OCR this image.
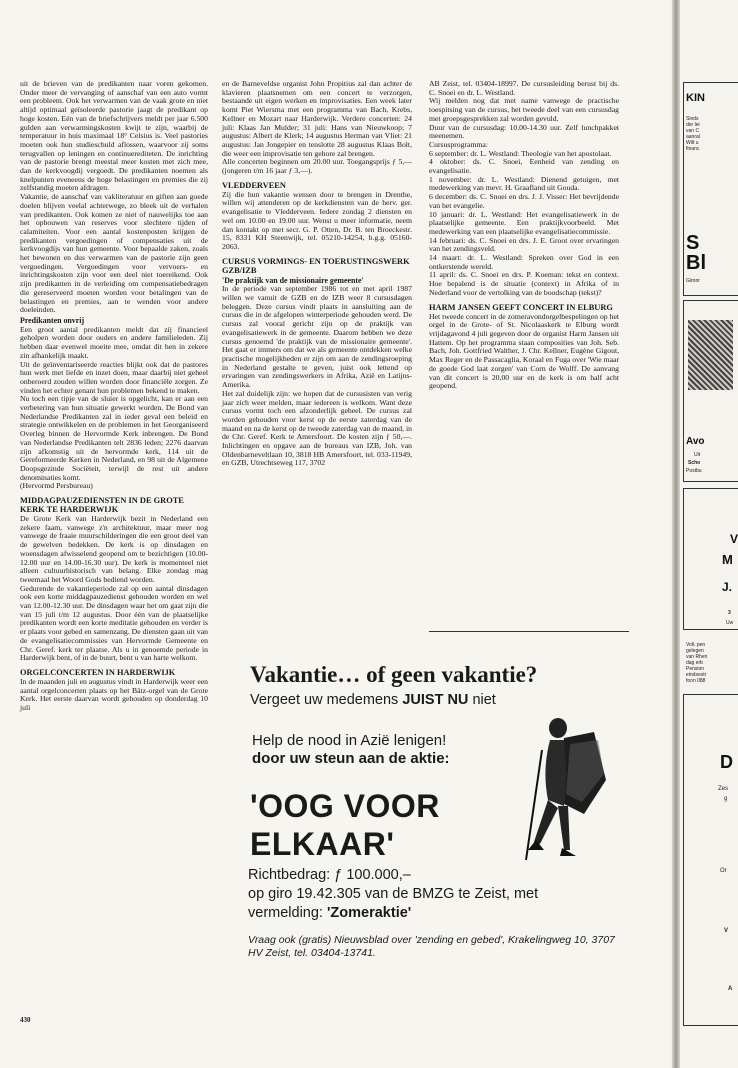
uit de brieven van de predikanten naar voren gekomen. Onder meer de vervanging of aanschaf van een auto vormt een probleem. Ook het verwarmen van de vaak grote en niet altijd optimaal geïsoleerde pastorie jaagt de predikant op hoge kosten. Eén van de briefschrijvers meldt per jaar 6.500 gulden aan verwarmingskosten kwijt te zijn, waarbij de temperatuur in huis maximaal 18° Celsius is. Veel pastories moeten ook hun studieschuld aflossen, waarvoor zij soms terugvallen op leningen en continuerediteten. De inrichting van de pastorie brengt meestal meer kosten met zich mee, dan de kerkvoogdij vergoedt. De predikanten noemen als knelpunten eveneens de hoge belastingen en premies die zij zelfstandig moeten afdragen.

Vakantie, de aanschaf van vakliteratuur en giften aan goede doelen blijven veelal achterwege, zo bleek uit de verhalen van predikanten. Ook komen ze niet of nauwelijks toe aan het opbouwen van reserves voor slechtere tijden of calamiteiten. Voor een aantal kostenposten krijgen de predikanten vergoedingen of compensaties uit de kerkvoogdijs van hun gemeente. Voor bepaalde zaken, zoals het bewonen en dus verwarmen van de pastorie zijn geen vergoedingen. Vergoedingen voor vervoers- en inrichtingskosten zijn voor een deel niet toereikend. Ook zijn predikanten in de verleiding om compensatiebedragen die gereserveerd moeten worden voor betalingen van de belastingen en premies, aan te wenden voor andere doeleinden.

Predikanten onvrij

Een groot aantal predikanten meldt dat zij financieel geholpen worden door ouders en andere familieleden. Zij hebben daar evenwel moeite mee, omdat dit hen in zekere zin afhankelijk maakt.

Uit de geïnventariseerde reacties blijkt ook dat de pastores hun werk met liefde en inzet doen, maar daarbij niet geheel onberoerd zouden willen worden door financiële zorgen. Ze vinden het echter genant hun problemen bekend te maken.

Nu toch een tipje van de sluier is opgelicht, kan er aan een verbetering van hun situatie gewerkt worden. De Bond van Nederlandse Predikanten zal in ieder geval een beleid en strategie ontwikkelen en de problemen in het Georganiseerd Overleg binnen de Hervormde Kerk inbrengen. De Bond van Nederlandse Predikanten telt 2836 leden; 2276 daarvan zijn afkomstig uit de hervormde kerk, 114 uit de Gereformeerde Kerken in Nederland, en 98 uit de Algemene Doopsgezinde Sociëteit, terwijl de rest uit andere denominaties komt.

(Hervormd Persbureau)

MIDDAGPAUZEDIENSTEN IN DE GROTE KERK TE HARDERWIJK

De Grote Kerk van Harderwijk bezit in Nederland een zekere faam, vanwege z'n architektuur, maar meer nog vanwege de fraaie muurschilderingen die een groot deel van de gewelven bedekken. De kerk is op dinsdagen en woensdagen afwisselend geopend om te bezichtigen (10.00-12.00 uur en 14.00-16.30 uur). De kerk is momenteel niet alleen cultuurhistorisch van belang. Elke zondag mag tweemaal het Woord Gods bediend worden.

Gedurende de vakantieperiode zal op een aantal dinsdagen ook een korte middagpauzedienst gehouden worden en wel van 12.00-12.30 uur. De dinsdagen waar het om gaat zijn die van 15 juli t/m 12 augustus. Door één van de plaatselijke predikanten wordt een korte meditatie gehouden en verder is er plaats voor gebed en samenzang. De diensten gaan uit van de evangelisatiecommissies van Hervormde Gemeente en Chr. Geref. kerk ter plaatse. Als u in genoemde periode in Harderwijk bent, of in de buurt, bent u van harte welkom.

ORGELCONCERTEN IN HARDERWIJK

In de maanden juli en augustus vindt in Harderwijk weer een aantal orgelconcerten plaats op het Bätz-orgel van de Grote Kerk. Het eerste daarvan wordt gehouden op donderdag 10 juli

en de Barneveldse organist John Propitius zal dan achter de klavieren plaatsnemen om een concert te verzorgen, bestaande uit eigen werken en improvisaties. Een week later komt Piet Wiersma met een programma van Bach, Krebs, Kellner en Mozart naar Harderwijk. Verdere concerten: 24 juli: Klaas Jan Mulder; 31 juli: Hans van Nieuwkoop; 7 augustus: Albert de Klerk; 14 augustus Herman van Vliet: 21 augustus: Jan Jongepier en tenslotte 28 augustus Klaas Bolt, die weer een improvisatie ten gehore zal brengen.

Alle concerten beginnen om 20.00 uur. Toegangsprijs ƒ 5,— (jongeren t/m 16 jaar ƒ 3,—).

VLEDDERVEEN

Zij die hun vakantie wensen door te brengen in Drenthe, willen wij attenderen op de kerkdiensten van de herv. ger. evangelisatie te Vledderveen. Iedere zondag 2 diensten en wel om 10.00 en 19.00 uur. Wenst u meer informatie, neem dan kontakt op met secr. G. P. Otten, Dr. B. ten Broeckestr. 15, 8331 KH Steenwijk, tel. 05210-14254, b.g.g. 05160-2063.

CURSUS VORMINGS- EN TOERUSTINGSWERK GZB/IZB
'De praktijk van de missionaire gemeente'

In de periode van september 1986 tot en met april 1987 willen we vanuit de GZB en de IZB weer 8 cursusdagen beleggen. Deze cursus vindt plaats in aansluiting aan de cursus die in de afgelopen winterperiode gehouden werd. De cursus zal vooral gericht zijn op de praktijk van evangelisatiewerk in de gemeente. Daarom hebben we deze cursus genoemd 'de praktijk van de missionaire gemeente'. Het gaat er immers om dat we als gemeente ontdekken welke practische mogelijkheden er zijn om aan de zendingsroeping in Nederland gestalte te geven, juist ook lettend op ervaringen van zendingswerkers in Afrika, Azië en Latijns-Amerika.

Het zal duidelijk zijn: we hopen dat de cursusisten van verig jaar zich weer melden, maar iedereen is welkom. Want deze cursus vormt toch een afzonderlijk geheel. De cursus zal worden gehouden voor kerst op de eerste zaterdag van de maand en na de kerst op de tweede zaterdag van de maand, in de Chr. Geref. Kerk te Amersfoort. De kosten zijn ƒ 50,—. Inlichtingen en opgave aan de bureaus van IZB, Joh. van Oldenbarneveltlaan 10, 3818 HB Amersfoort, tel. 033-11949, en GZB, Utrechtseweg 117, 3702

AB Zeist, tel. 03404-18997. De cursusleiding berust bij ds. C. Snoei en dr. L. Westland.

Wij melden nog dat met name vanwege de practische toespitsing van de cursus, het tweede deel van een cursusdag met groepsgesprekken zal worden gevuld.

Duur van de cursusdag: 10.00-14.30 uur. Zelf lunchpakket meenemen.

Cursusprogramma:

6 september: dr. L. Westland: Theologie van het apostolaat.

4 oktober: ds. C. Snoei, Eenheid van zending en evangelisatie.

1 november: dr. L. Westland: Dienend getuigen, met medewerking van mevr. H. Graafland uit Gouda.

6 december: ds. C. Snoei en drs. J. J. Visser: Het bevrijdende van het evangelie.

10 januari: dr. L. Westland: Het evangelisatiewerk in de plaatselijke gemeente. Een praktijkvoorbeeld. Met medewerking van een plaatselijke evangelisatiecommissie.

14 februari: ds. C. Snoei en drs. J. E. Groot over ervaringen van het zendingsveld.

14 maart: dr. L. Westland: Spreken over God in een ontkerstende wereld.

11 april: ds. C. Snoei en drs. P. Koeman: tekst en context. Hoe bepalend is de situatie (context) in Afrika of in Nederland voor de vertolking van de boodschap (tekst)?

HARM JANSEN GEEFT CONCERT IN ELBURG

Het tweede concert in de zomeravondorgelbespelingen op het orgel in de Grote- of St. Nicolaaskerk te Elburg wordt vrijdagavond 4 juli gegeven door de organist Harm Jansen uit Hattem. Op het programma staan composities van Joh. Seb. Bach, Joh. Gottfried Walther, J. Chr. Kellner, Eugène Gigout, Max Reger en de Passacaglia, Koraal en Fuga over 'Wie maar de goede God laat zorgen' van Corn de Wolff. De aanvang van dit concert is 20,00 uur en de kerk is om half acht geopend.

Vakantie… of geen vakantie?
Vergeet uw medemens JUIST NU niet
Help de nood in Azië lenigen!
door uw steun aan de aktie:
'OOG VOOR
ELKAAR'
Richtbedrag: ƒ 100.000,–
op giro 19.42.305 van de BMZG te Zeist, met vermelding: 'Zomeraktie'
Vraag ook (gratis) Nieuwsblad over 'zending en gebed', Krakelingweg 10, 3707 HV Zeist, tel. 03404-13741.
430
KIN
Sinds
der lei
van C
aanral
Wilt u
financ
S
Bl
Gironr
Avo
Uit
Scho
Postbu
V
M
J.
3
Uw
Voll. pen
gelegen
van Rhen
dag erb
Pension
eindsestr
foon 088
D
Zes
g
Or
V
A
